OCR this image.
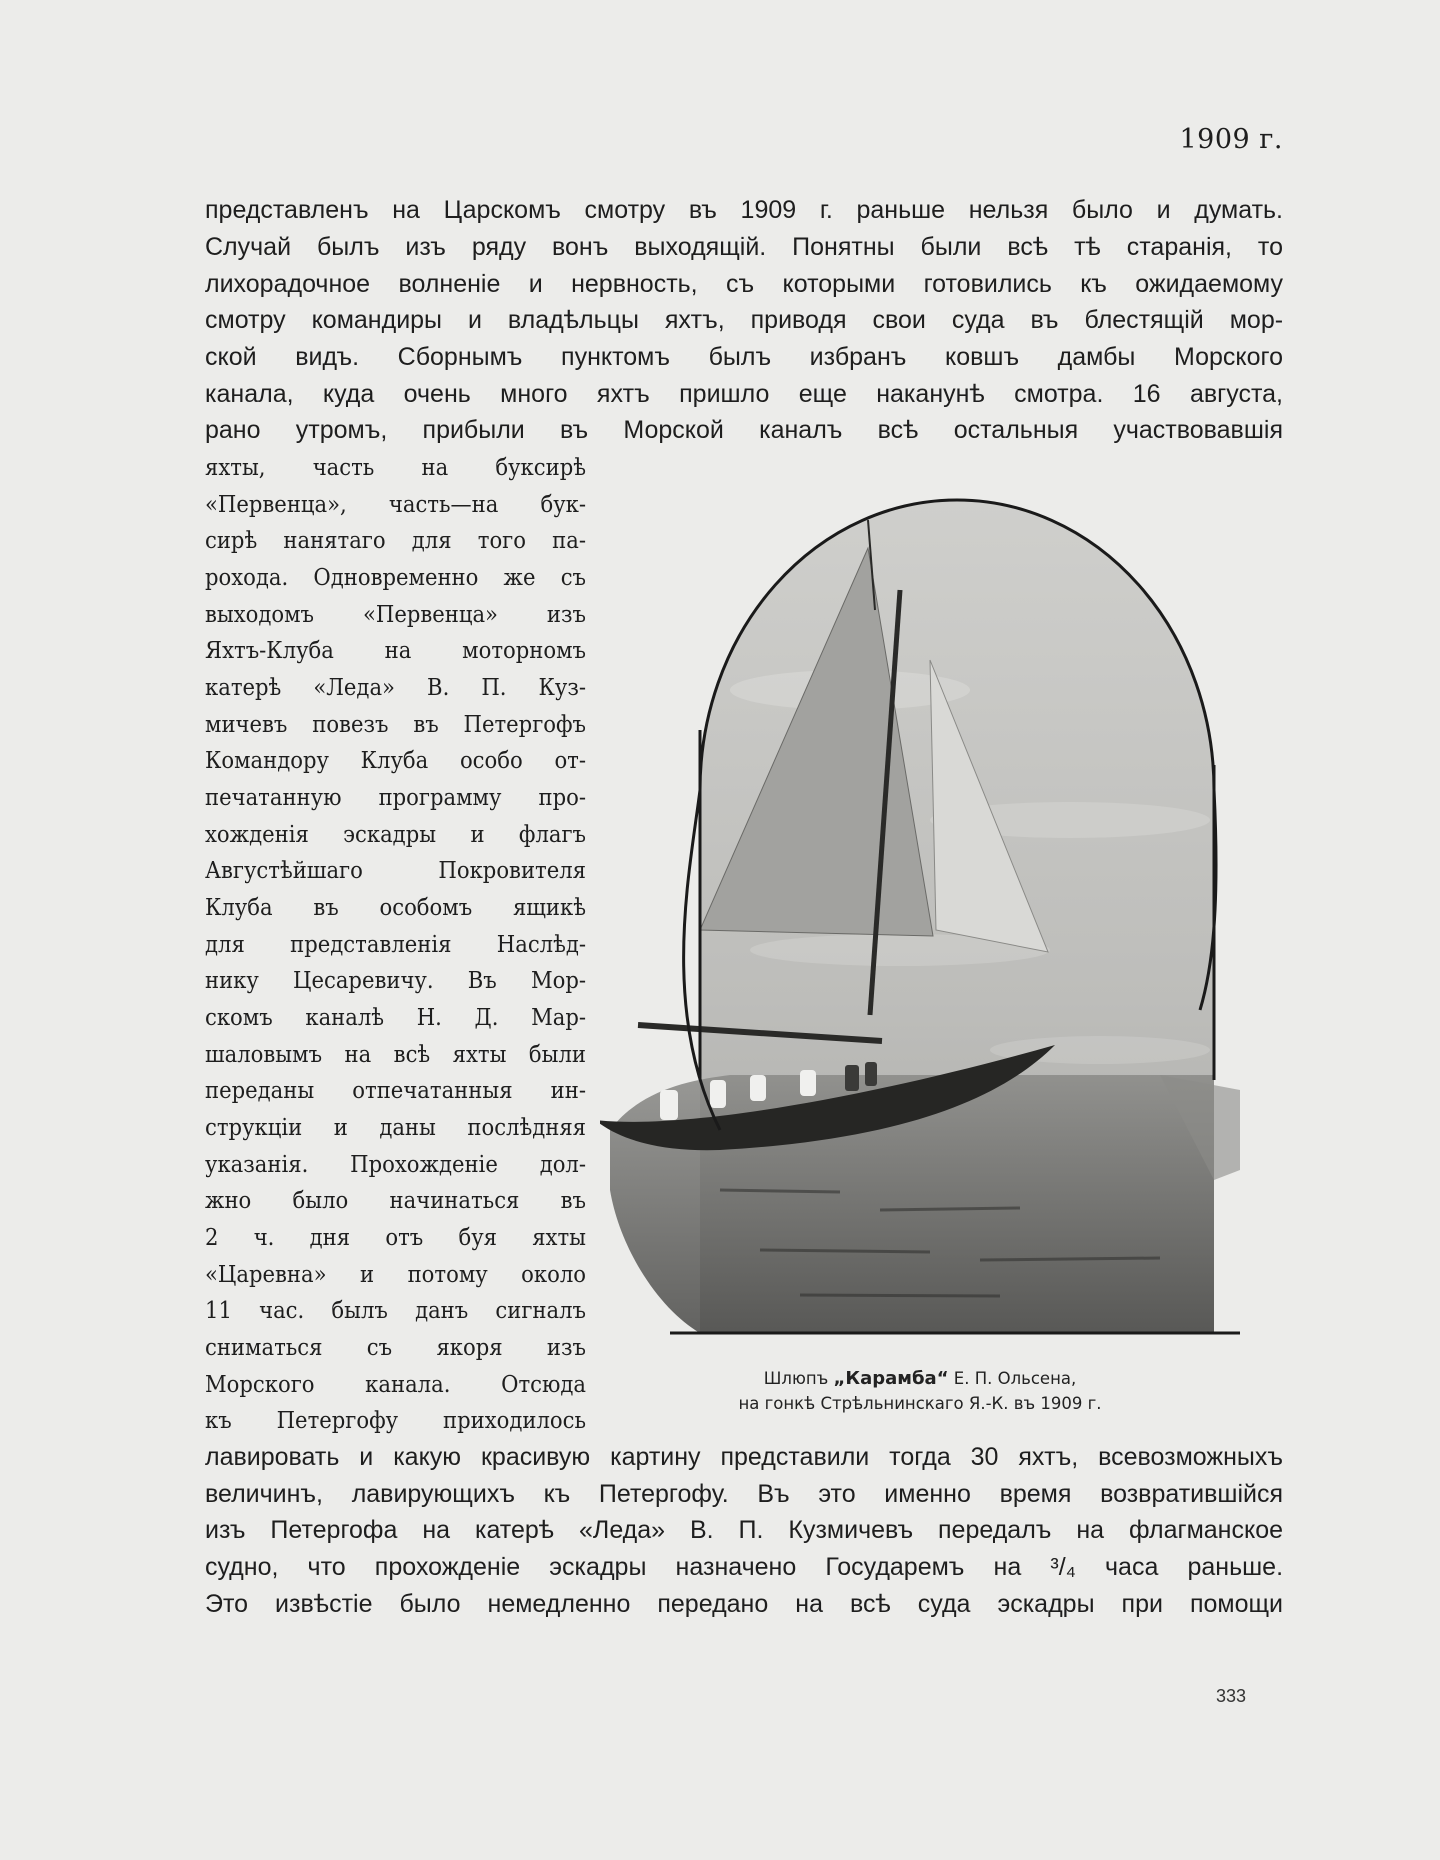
1909 г.
представленъ на Царскомъ смотру въ 1909 г. раньше нельзя было и думать.
Случай былъ изъ ряду вонъ выходящій. Понятны были всѣ тѣ старанія, то
лихорадочное волненіе и нервность, съ которыми готовились къ ожидаемому
смотру командиры и владѣльцы яхтъ, приводя свои суда въ блестящій мор-
ской видъ. Сборнымъ пунктомъ былъ избранъ ковшъ дамбы Морского
канала, куда очень много яхтъ пришло еще наканунѣ смотра. 16 августа,
рано утромъ, прибыли въ Морской каналъ всѣ остальныя участвовавшія
яхты, часть на буксирѣ
«Первенца», часть—на бук-
сирѣ нанятаго для того па-
рохода. Одновременно же съ
выходомъ «Первенца» изъ
Яхтъ-Клуба на моторномъ
катерѣ «Леда» В. П. Куз-
мичевъ повезъ въ Петергофъ
Командору Клуба особо от-
печатанную программу про-
хожденія эскадры и флагъ
Августѣйшаго Покровителя
Клуба въ особомъ ящикѣ
для представленія Наслѣд-
нику Цесаревичу. Въ Мор-
скомъ каналѣ Н. Д. Мар-
шаловымъ на всѣ яхты были
переданы отпечатанныя ин-
струкціи и даны послѣдняя
указанія. Прохожденіе дол-
жно было начинаться въ
2 ч. дня отъ буя яхты
«Царевна» и потому около
11 час. былъ данъ сигналъ
сниматься съ якоря изъ
Морского канала. Отсюда
къ Петергофу приходилось
Шлюпъ „Карамба“ Е. П. Ольсена,
на гонкѣ Стрѣльнинскаго Я.-К. въ 1909 г.
лавировать и какую красивую картину представили тогда 30 яхтъ, всевозможныхъ
величинъ, лавирующихъ къ Петергофу. Въ это именно время возвратившійся
изъ Петергофа на катерѣ «Леда» В. П. Кузмичевъ передалъ на флагманское
судно, что прохожденіе эскадры назначено Государемъ на ³/₄ часа раньше.
Это извѣстіе было немедленно передано на всѣ суда эскадры при помощи
333
